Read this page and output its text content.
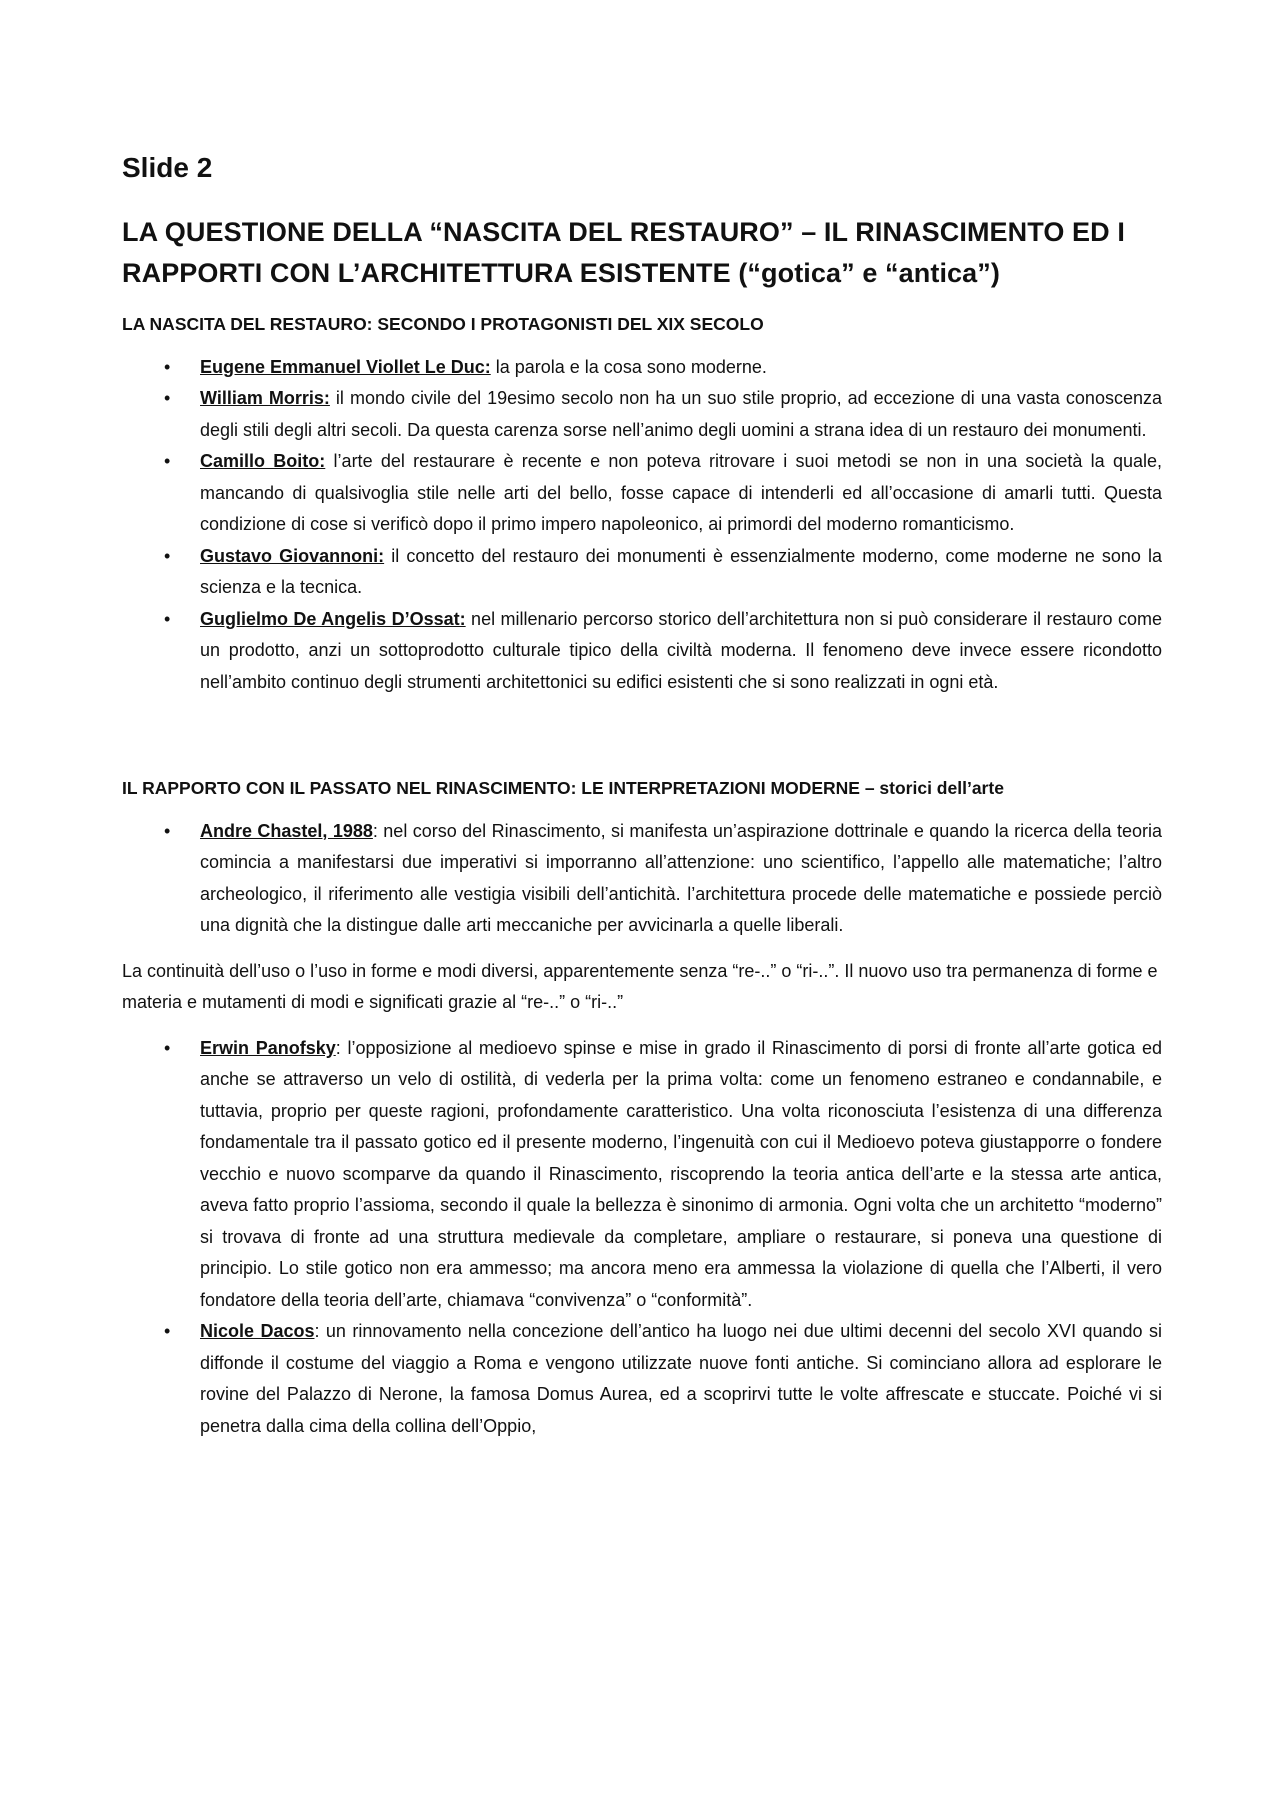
Slide 2
LA QUESTIONE DELLA “NASCITA DEL RESTAURO” – IL RINASCIMENTO ED I RAPPORTI CON L’ARCHITETTURA ESISTENTE (“gotica” e “antica”)
LA NASCITA DEL RESTAURO: SECONDO I PROTAGONISTI DEL XIX SECOLO
• Eugene Emmanuel Viollet Le Duc: la parola e la cosa sono moderne.
• William Morris: il mondo civile del 19esimo secolo non ha un suo stile proprio, ad eccezione di una vasta conoscenza degli stili degli altri secoli. Da questa carenza sorse nell’animo degli uomini a strana idea di un restauro dei monumenti.
• Camillo Boito: l’arte del restaurare è recente e non poteva ritrovare i suoi metodi se non in una società la quale, mancando di qualsivoglia stile nelle arti del bello, fosse capace di intenderli ed all’occasione di amarli tutti. Questa condizione di cose si verificò dopo il primo impero napoleonico, ai primordi del moderno romanticismo.
• Gustavo Giovannoni: il concetto del restauro dei monumenti è essenzialmente moderno, come moderne ne sono la scienza e la tecnica.
• Guglielmo De Angelis D’Ossat: nel millenario percorso storico dell’architettura non si può considerare il restauro come un prodotto, anzi un sottoprodotto culturale tipico della civiltà moderna. Il fenomeno deve invece essere ricondotto nell’ambito continuo degli strumenti architettonici su edifici esistenti che si sono realizzati in ogni età.
IL RAPPORTO CON IL PASSATO NEL RINASCIMENTO: LE INTERPRETAZIONI MODERNE – storici dell’arte
• Andre Chastel, 1988: nel corso del Rinascimento, si manifesta un’aspirazione dottrinale e quando la ricerca della teoria comincia a manifestarsi due imperativi si imporranno all’attenzione: uno scientifico, l’appello alle matematiche; l’altro archeologico, il riferimento alle vestigia visibili dell’antichità. l’architettura procede delle matematiche e possiede perciò una dignità che la distingue dalle arti meccaniche per avvicinarla a quelle liberali.

La continuità dell’uso o l’uso in forme e modi diversi, apparentemente senza “re-..” o “ri-..”. Il nuovo uso tra permanenza di forme e materia e mutamenti di modi e significati grazie al “re-..” o “ri-..”

• Erwin Panofsky: l’opposizione al medioevo spinse e mise in grado il Rinascimento di porsi di fronte all’arte gotica ed anche se attraverso un velo di ostilità, di vederla per la prima volta: come un fenomeno estraneo e condannabile, e tuttavia, proprio per queste ragioni, profondamente caratteristico. Una volta riconosciuta l’esistenza di una differenza fondamentale tra il passato gotico ed il presente moderno, l’ingenuità con cui il Medioevo poteva giustapporre o fondere vecchio e nuovo scomparve da quando il Rinascimento, riscoprendo la teoria antica dell’arte e la stessa arte antica, aveva fatto proprio l’assioma, secondo il quale la bellezza è sinonimo di armonia. Ogni volta che un architetto “moderno” si trovava di fronte ad una struttura medievale da completare, ampliare o restaurare, si poneva una questione di principio. Lo stile gotico non era ammesso; ma ancora meno era ammessa la violazione di quella che l’Alberti, il vero fondatore della teoria dell’arte, chiamava “convivenza” o “conformità”.
• Nicole Dacos: un rinnovamento nella concezione dell’antico ha luogo nei due ultimi decenni del secolo XVI quando si diffonde il costume del viaggio a Roma e vengono utilizzate nuove fonti antiche. Si cominciano allora ad esplorare le rovine del Palazzo di Nerone, la famosa Domus Aurea, ed a scoprirvi tutte le volte affrescate e stuccate. Poiché vi si penetra dalla cima della collina dell’Oppio,
